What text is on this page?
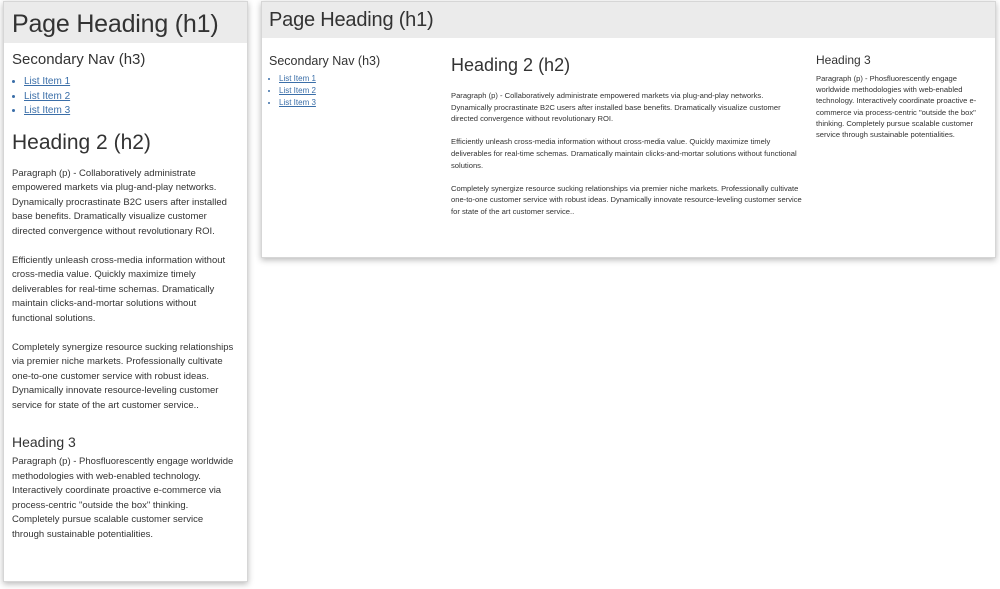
Page Heading (h1)
Secondary Nav (h3)
• List Item 1
• List Item 2
• List Item 3
Heading 2 (h2)

Paragraph (p) - Collaboratively administrate empowered markets via plug-and-play networks. Dynamically procrastinate B2C users after installed base benefits. Dramatically visualize customer directed convergence without revolutionary ROI.

Efficiently unleash cross-media information without cross-media value. Quickly maximize timely deliverables for real-time schemas. Dramatically maintain clicks-and-mortar solutions without functional solutions.

Completely synergize resource sucking relationships via premier niche markets. Professionally cultivate one-to-one customer service with robust ideas. Dynamically innovate resource-leveling customer service for state of the art customer service..

Heading 3

Paragraph (p) - Phosfluorescently engage worldwide methodologies with web-enabled technology. Interactively coordinate proactive e-commerce via process-centric "outside the box" thinking. Completely pursue scalable customer service through sustainable potentialities.

Page Heading (h1)
Secondary Nav (h3)
• List Item 1
• List Item 2
• List Item 3
Heading 2 (h2)

Paragraph (p) - Collaboratively administrate empowered markets via plug-and-play networks. Dynamically procrastinate B2C users after installed base benefits. Dramatically visualize customer directed convergence without revolutionary ROI.

Efficiently unleash cross-media information without cross-media value. Quickly maximize timely deliverables for real-time schemas. Dramatically maintain clicks-and-mortar solutions without functional solutions.

Completely synergize resource sucking relationships via premier niche markets. Professionally cultivate one-to-one customer service with robust ideas. Dynamically innovate resource-leveling customer service for state of the art customer service..

Heading 3

Paragraph (p) - Phosfluorescently engage worldwide methodologies with web-enabled technology. Interactively coordinate proactive e-commerce via process-centric "outside the box" thinking. Completely pursue scalable customer service through sustainable potentialities.
